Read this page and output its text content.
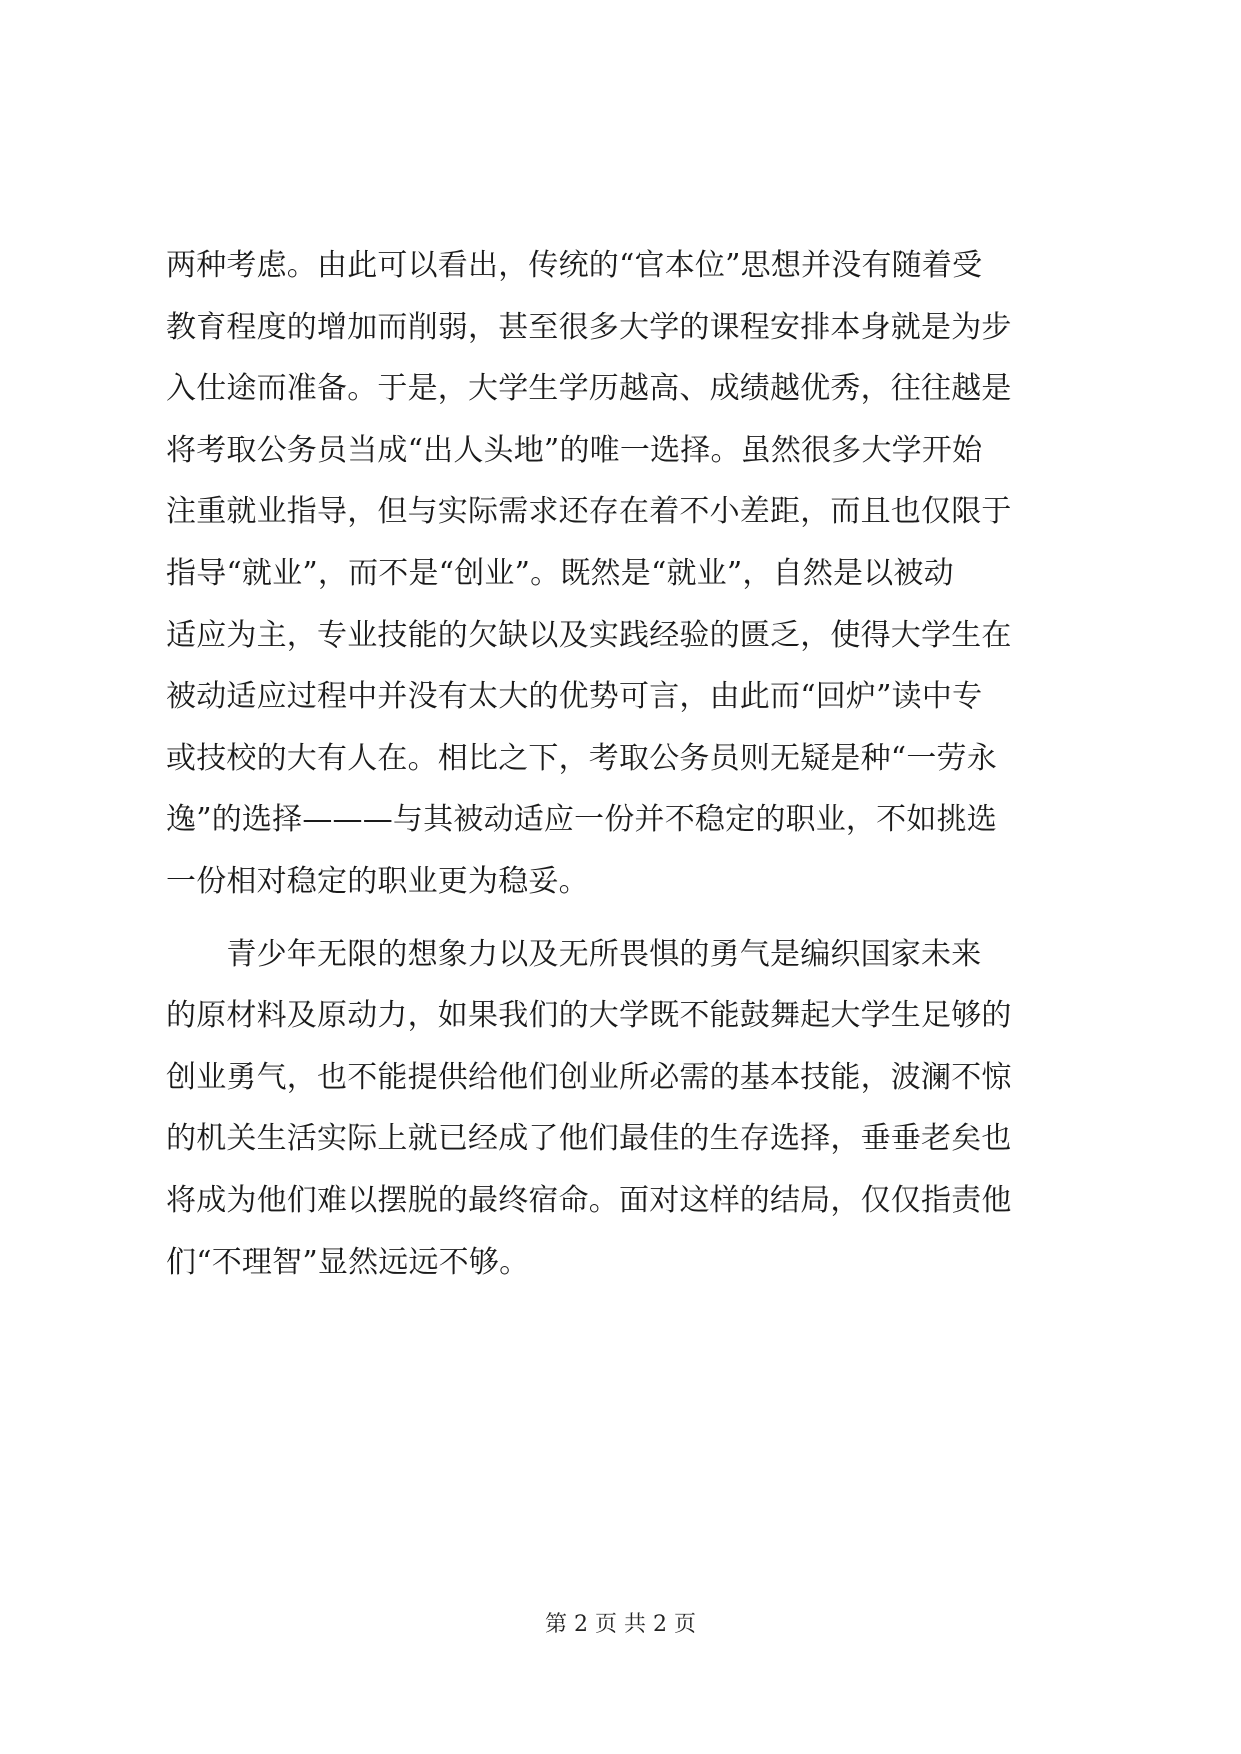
两种考虑。由此可以看出，传统的“官本位”思想并没有随着受
教育程度的增加而削弱，甚至很多大学的课程安排本身就是为步
入仕途而准备。于是，大学生学历越高、成绩越优秀，往往越是
将考取公务员当成“出人头地”的唯一选择。虽然很多大学开始
注重就业指导，但与实际需求还存在着不小差距，而且也仅限于
指导“就业”，而不是“创业”。既然是“就业”，自然是以被动
适应为主，专业技能的欠缺以及实践经验的匮乏，使得大学生在
被动适应过程中并没有太大的优势可言，由此而“回炉”读中专
或技校的大有人在。相比之下，考取公务员则无疑是种“一劳永
逸”的选择———与其被动适应一份并不稳定的职业，不如挑选
一份相对稳定的职业更为稳妥。
　　青少年无限的想象力以及无所畏惧的勇气是编织国家未来
的原材料及原动力，如果我们的大学既不能鼓舞起大学生足够的
创业勇气，也不能提供给他们创业所必需的基本技能，波澜不惊
的机关生活实际上就已经成了他们最佳的生存选择，垂垂老矣也
将成为他们难以摆脱的最终宿命。面对这样的结局，仅仅指责他
们“不理智”显然远远不够。
第 2 页 共 2 页
